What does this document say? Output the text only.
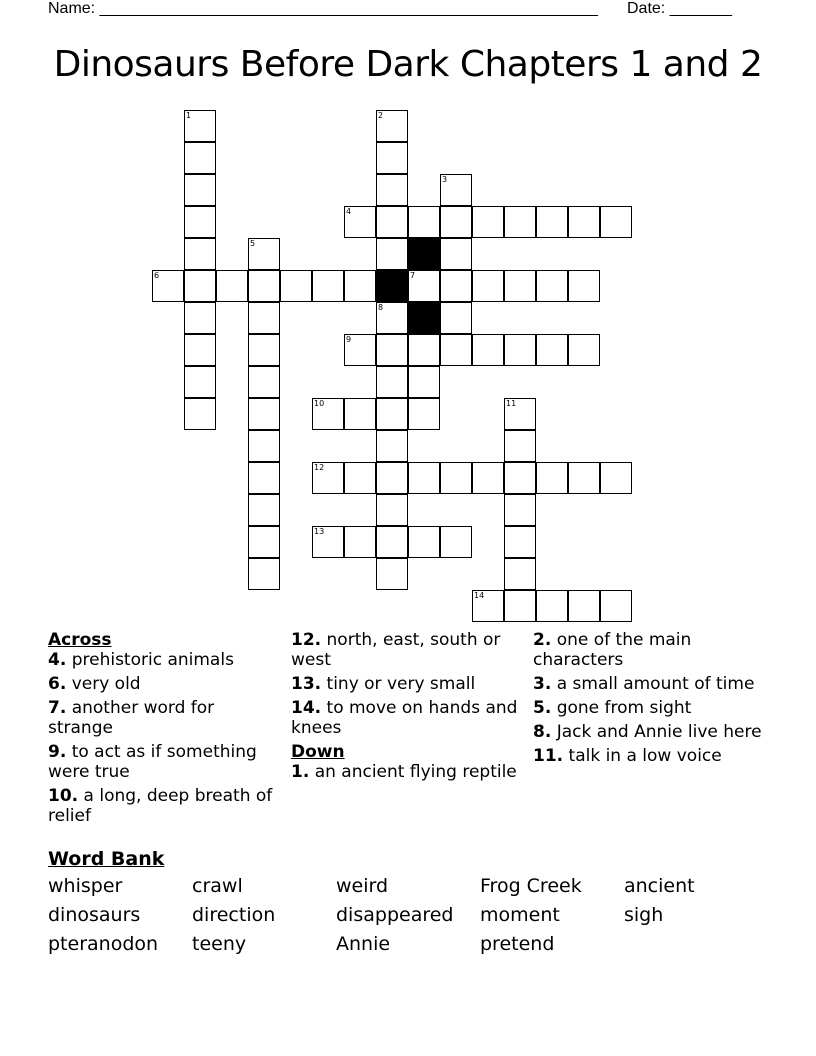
Name: ________________________________________________________ Date: _______
Dinosaurs Before Dark Chapters 1 and 2
1	2
8
3
4
5
6	7
9
10	11
12
13
14
Across
4. prehistoric animals
6. very old
7. another word for strange
9. to act as if something were true
10. a long, deep breath of relief
12. north, east, south or west
13. tiny or very small
14. to move on hands and knees
Down
1. an ancient flying reptile
2. one of the main characters
3. a small amount of time
5. gone from sight
8. Jack and Annie live here
11. talk in a low voice
Word Bank
whisper	crawl	weird	Frog Creek	ancient
dinosaurs	direction	disappeared	moment	sigh
pteranodon	teeny	Annie	pretend
